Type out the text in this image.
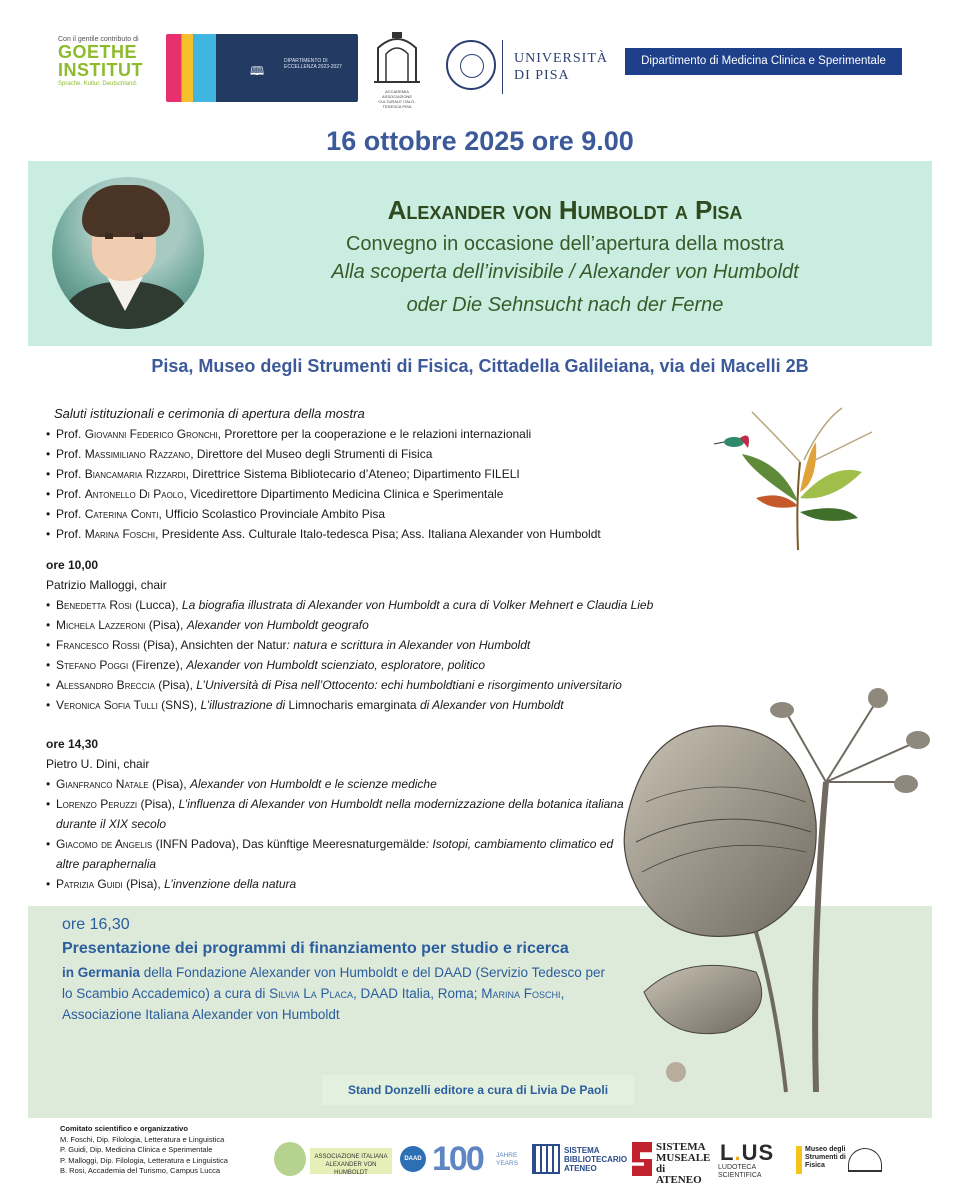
Con il gentile contributo di
GOETHE
INSTITUT
Sprache. Kultur. Deutschland.
🕮
DIPARTIMENTO DI ECCELLENZA 2023-2027
ACCADEMIA ASSOCIAZIONE CULTURALE ITALO-TEDESCA PISA
UNIVERSITÀ
DI PISA
Dipartimento di Medicina Clinica e Sperimentale
16 ottobre 2025 ore 9.00
Alexander von Humboldt a Pisa
Convegno in occasione dell’apertura della mostra
Alla scoperta dell’invisibile / Alexander von Humboldt
oder Die Sehnsucht nach der Ferne
Pisa, Museo degli Strumenti di Fisica, Cittadella Galileiana, via dei Macelli 2B
Saluti istituzionali e cerimonia di apertura della mostra
• Prof. Giovanni Federico Gronchi, Prorettore per la cooperazione e le relazioni internazionali
• Prof. Massimiliano Razzano, Direttore del Museo degli Strumenti di Fisica
• Prof. Biancamaria Rizzardi, Direttrice Sistema Bibliotecario d’Ateneo; Dipartimento FILELI
• Prof. Antonello Di Paolo, Vicedirettore Dipartimento Medicina Clinica e Sperimentale
• Prof. Caterina Conti, Ufficio Scolastico Provinciale Ambito Pisa
• Prof. Marina Foschi, Presidente Ass. Culturale Italo-tedesca Pisa; Ass. Italiana Alexander von Humboldt
ore 10,00
Patrizio Malloggi, chair
• Benedetta Rosi (Lucca), La biografia illustrata di Alexander von Humboldt a cura di Volker Mehnert e Claudia Lieb
• Michela Lazzeroni (Pisa), Alexander von Humboldt geografo
• Francesco Rossi (Pisa), Ansichten der Natur: natura e scrittura in Alexander von Humboldt
• Stefano Poggi (Firenze), Alexander von Humboldt scienziato, esploratore, politico
• Alessandro Breccia (Pisa), L’Università di Pisa nell’Ottocento: echi humboldtiani e risorgimento universitario
• Veronica Sofia Tulli (SNS), L’illustrazione di Limnocharis emarginata di Alexander von Humboldt
ore 14,30
Pietro U. Dini, chair
• Gianfranco Natale (Pisa), Alexander von Humboldt e le scienze mediche
• Lorenzo Peruzzi (Pisa), L’influenza di Alexander von Humboldt nella modernizzazione della botanica italiana durante il XIX secolo
• Giacomo de Angelis (INFN Padova), Das künftige Meeresnaturgemälde: Isotopi, cambiamento climatico ed altre paraphernalia
• Patrizia Guidi (Pisa), L’invenzione della natura
ore 16,30
Presentazione dei programmi di finanziamento per studio e ricerca
in Germania della Fondazione Alexander von Humboldt e del DAAD (Servizio Tedesco per lo Scambio Accademico) a cura di Silvia La Placa, DAAD Italia, Roma; Marina Foschi, Associazione Italiana Alexander von Humboldt
Stand Donzelli editore a cura di Livia De Paoli
Comitato scientifico e organizzativo
M. Foschi, Dip. Filologia, Letteratura e Linguistica
P. Guidi, Dip. Medicina Clinica e Sperimentale
P. Malloggi, Dip. Filologia, Letteratura e Linguistica
B. Rosi, Accademia del Turismo, Campus Lucca
ASSOCIAZIONE ITALIANA ALEXANDER VON HUMBOLDT
DAAD 100 JAHRE
YEARS
SISTEMA BIBLIOTECARIO ATENEO
SISTEMA
MUSEALE
di ATENEO
L.US
LUDOTECA SCIENTIFICA
Museo degli Strumenti di Fisica
